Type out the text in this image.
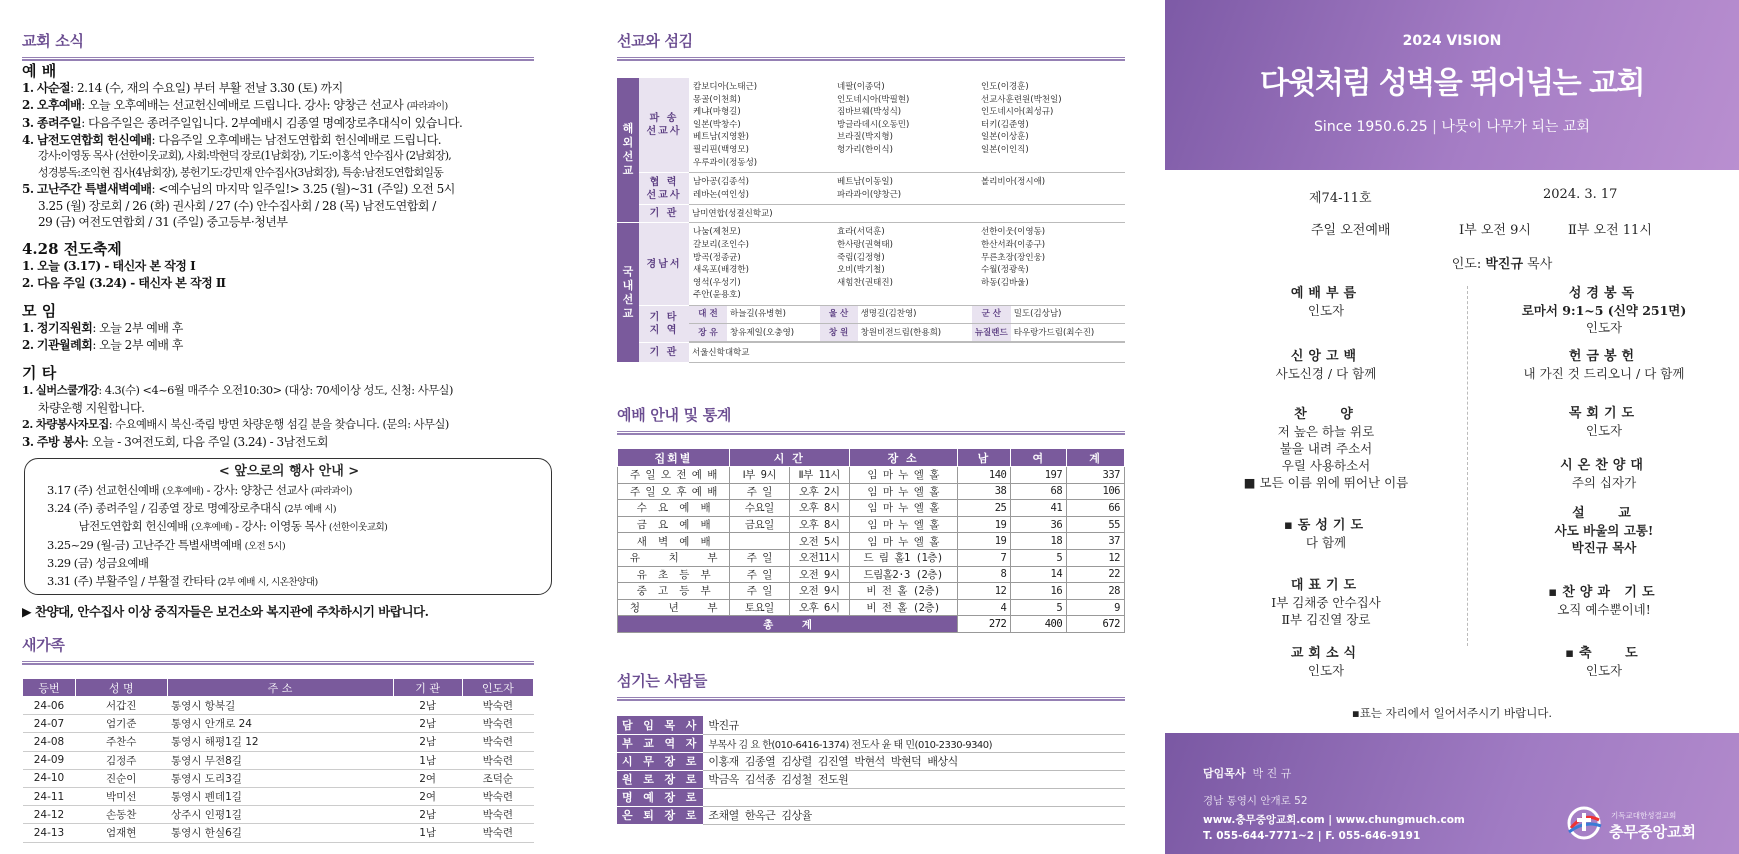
교회 소식
예 배
1. 사순절: 2.14 (수, 재의 수요일) 부터 부활 전날 3.30 (토) 까지
2. 오후예배: 오늘 오후예배는 선교헌신예배로 드립니다. 강사: 양창근 선교사 (파라과이)
3. 종려주일: 다음주일은 종려주일입니다. 2부예배시 김종열 명예장로추대식이 있습니다.
4. 남전도연합회 헌신예배: 다음주일 오후예배는 남전도연합회 헌신예배로 드립니다.
강사:이영동 목사 (선한이웃교회), 사회:박현덕 장로(1남회장), 기도:이홍석 안수집사 (2남회장),
성경봉독:조익현 집사(4남회장), 봉헌기도:강민재 안수집사(3남회장), 특송:남전도연합회일동
5. 고난주간 특별새벽예배: <예수님의 마지막 일주일!> 3.25 (월)~31 (주일) 오전 5시
3.25 (월) 장로회 / 26 (화) 권사회 / 27 (수) 안수집사회 / 28 (목) 남전도연합회 /
29 (금) 여전도연합회 / 31 (주일) 중고등부·청년부
4.28 전도축제
1. 오늘 (3.17) - 태신자 본 작정 Ⅰ
2. 다음 주일 (3.24) - 태신자 본 작정 Ⅱ
모 임
1. 정기직원회: 오늘 2부 예배 후
2. 기관월례회: 오늘 2부 예배 후
기 타
1. 실버스쿨개강: 4.3(수) <4~6월 매주수 오전10:30> (대상: 70세이상 성도, 신청: 사무실)
차량운행 지원합니다.
2. 차량봉사자모집: 수요예배시 북신·죽림 방면 차량운행 섬길 분을 찾습니다. (문의: 사무실)
3. 주방 봉사: 오늘 - 3여전도회, 다음 주일 (3.24) - 3남전도회
< 앞으로의 행사 안내 >
3.17 (주) 선교헌신예배 (오후예배) - 강사: 양창근 선교사 (파라과이)
3.24 (주) 종려주일 / 김종열 장로 명예장로추대식 (2부 예배 시)
남전도연합회 헌신예배 (오후예배) - 강사: 이영동 목사 (선한이웃교회)
3.25~29 (월-금) 고난주간 특별새벽예배 (오전 5시)
3.29 (금) 성금요예배
3.31 (주) 부활주일 / 부활절 칸타타 (2부 예배 시, 시온찬양대)
▶ 찬양대, 안수집사 이상 중직자들은 보건소와 복지관에 주차하시기 바랍니다.
새가족
등번	성 명	주 소	기 관	인도자
24-06	서갑진	통영시 항북길	2남	박숙련
24-07	엄기준	통영시 안개로 24	2남	박숙련
24-08	주찬수	통영시 해평1길 12	2남	박숙련
24-09	김정주	통영시 무전8길	1남	박숙련
24-10	진순이	통영시 도리3길	2여	조덕순
24-11	박미선	통영시 펜데1길	2여	박숙련
24-12	손동찬	상주시 인평1길	2남	박숙련
24-13	엄재현	통영시 한실6길	1남	박숙련
선교와 섬김
해
외
선
교	파 송
선교사	
캄보디아(노태근)	네팔(이종덕)	인도(이경훈)
몽골(이천희)	인도네시아(박필현)	선교사훈련원(박천일)
케냐(마형길)	짐바브웨(박성식)	인도네시아(최성규)
일본(박창수)	방글라데시(오동민)	터키(김준영)
베트남(지영환)	브라질(박지형)	일본(이상훈)
필리핀(백영모)	헝가리(한이식)	일본(이인직)
우루과이(정동성)		

협 력
선교사	
남아공(김종석)	베트남(이동일)	볼리비아(정시애)
레바논(여인성)	파라과이(양창근)	

기 관	남미연합(성결신학교)
국
내
선
교	경남서	
나눔(제천모)	효라(서덕훈)	선한이웃(이영동)
갈보리(조인수)	한사랑(권혁태)	한산서좌(이종구)
방곡(정종균)	죽림(김정형)	무른초장(장인웅)
새옥포(배경한)	오비(박기철)	수월(정광욱)
영석(우성기)	새힘찬(권태진)	하동(김바울)
주안(윤용호)		

기 타
지 역	
대 전	하늘길(유병현)	울 산	생명길(김찬영)	군 산	밀도(김상남)
장 유	창유제일(오충영)	창 원	창원비전드림(한용희)	뉴질랜드	타우랑가드림(최수진)

기 관	서울신학대학교
예배 안내 및 통계
집회별	시 간		장 소	남	여	계
주 일 오 전 예 배	Ⅰ부 9시	Ⅱ부 11시	임 마 누 엘 홀	140	197	337
주 일 오 후 예 배	주 일	오후 2시	임 마 누 엘 홀	38	68	106
수  요  예  배	수요일	오후 8시	임 마 누 엘 홀	25	41	66
금  요  예  배	금요일	오후 8시	임 마 누 엘 홀	19	36	55
새  벽  예  배		오전 5시	임 마 누 엘 홀	19	18	37
유     치     부	주 일	오전11시	드 림 홀1 (1층)	7	5	12
유  초  등  부	주 일	오전 9시	드림홀2·3 (2층)	8	14	22
중  고  등  부	주 일	오전 9시	비 전 홀 (2층)	12	16	28
청     년     부	토요일	오후 6시	비 전 홀 (2층)	4	5	9
총     계				272	400	672
섬기는 사람들
담 임 목 사	박진규
부 교 역 자	부목사 김 요 한(010-6416-1374) 전도사 윤 태 민(010-2330-9340)
시 무 장 로	이홍재 김종열 김상렬 김진열 박현석 박현덕 배상식
원 로 장 로	박금옥 김석종 김성철 전도원
명 예 장 로	
은 퇴 장 로	조채열 한옥근 김상율
2024 VISION
다윗처럼 성벽을 뛰어넘는 교회
Since 1950.6.25 | 나뭇이 나무가 되는 교회
제74-11호	2024. 3. 17
주일 오전예배	Ⅰ부 오전 9시	Ⅱ부 오전 11시
인도: 박진규 목사
예배부름
인도자
신앙고백
사도신경 / 다 함께
찬   양
저 높은 하늘 위로
불을 내려 주소서
우릴 사용하소서
■ 모든 이름 위에 뛰어난 이름
▪동성기도
다 함께
대표기도
Ⅰ부 김채중 안수집사
Ⅱ부 김진열 장로
교회소식
인도자
성경봉독
로마서 9:1~5 (신약 251면)
인도자
헌금봉헌
내 가진 것 드리오니 / 다 함께
목회기도
인도자
시온찬양대
주의 십자가
설   교
사도 바울의 고통!
박진규 목사
▪찬양과 기도
오직 예수뿐이네!
▪축   도
인도자
▪표는 자리에서 일어서주시기 바랍니다.
담임목사 박 진 규
경남 통영시 안개로 52
www.충무중앙교회.com | www.chungmuch.com
T. 055-644-7771~2 | F. 055-646-9191
기독교대한성결교회
충무중앙교회
